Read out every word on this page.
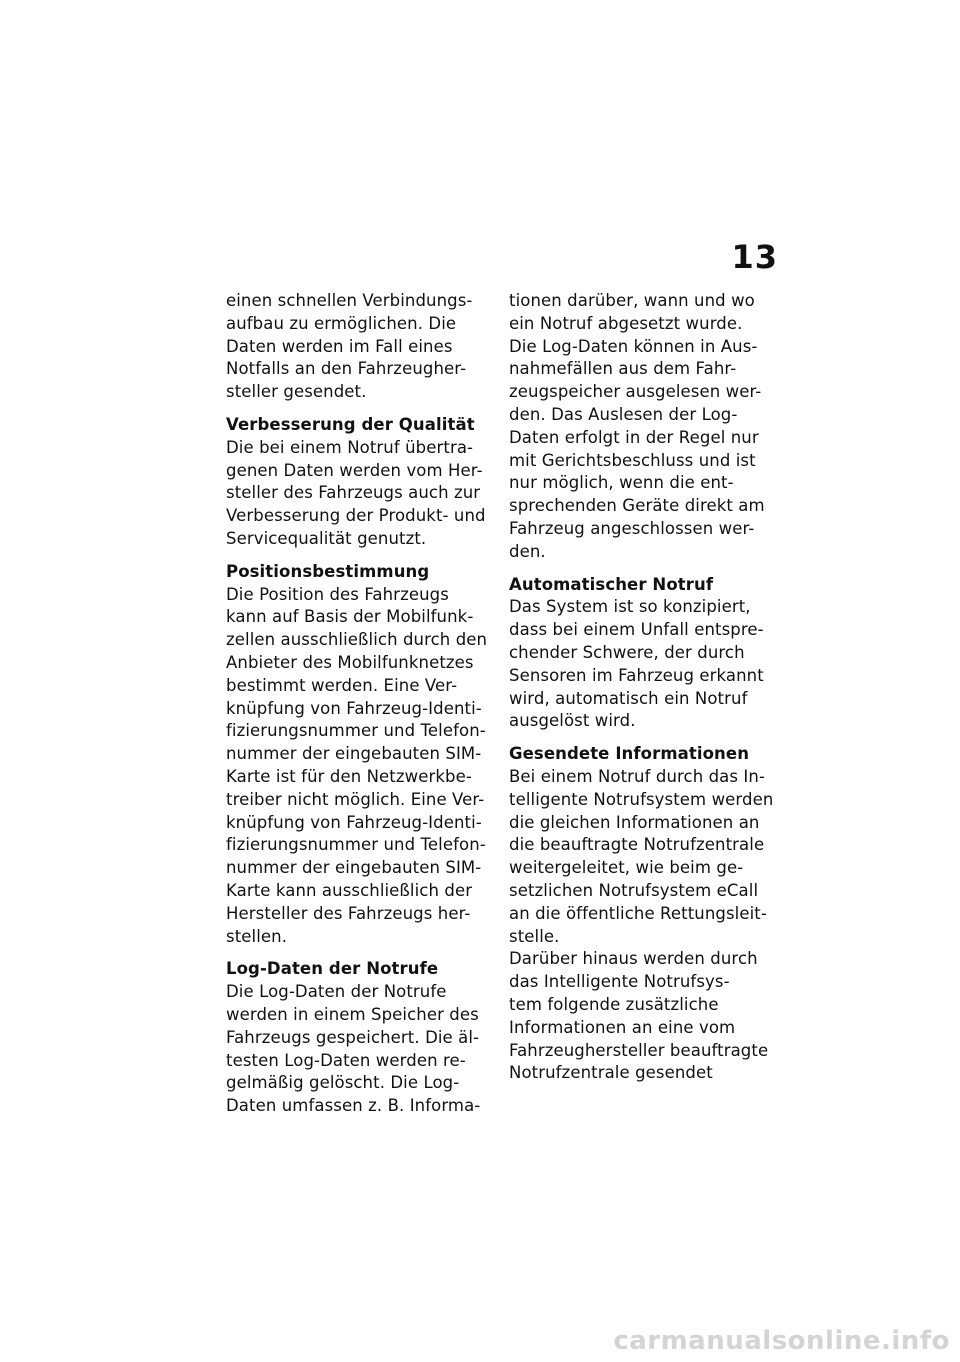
13
einen schnellen Verbindungs-
aufbau zu ermöglichen. Die
Daten werden im Fall eines
Notfalls an den Fahrzeugher-
steller gesendet.
Verbesserung der Qualität
Die bei einem Notruf übertra-
genen Daten werden vom Her-
steller des Fahrzeugs auch zur
Verbesserung der Produkt- und
Servicequalität genutzt.
Positionsbestimmung
Die Position des Fahrzeugs
kann auf Basis der Mobilfunk-
zellen ausschließlich durch den
Anbieter des Mobilfunknetzes
bestimmt werden. Eine Ver-
knüpfung von Fahrzeug-Identi-
fizierungsnummer und Telefon-
nummer der eingebauten SIM-
Karte ist für den Netzwerkbe-
treiber nicht möglich. Eine Ver-
knüpfung von Fahrzeug-Identi-
fizierungsnummer und Telefon-
nummer der eingebauten SIM-
Karte kann ausschließlich der
Hersteller des Fahrzeugs her-
stellen.
Log-Daten der Notrufe
Die Log-Daten der Notrufe
werden in einem Speicher des
Fahrzeugs gespeichert. Die äl-
testen Log-Daten werden re-
gelmäßig gelöscht. Die Log-
Daten umfassen z. B. Informa-
tionen darüber, wann und wo
ein Notruf abgesetzt wurde.
Die Log-Daten können in Aus-
nahmefällen aus dem Fahr-
zeugspeicher ausgelesen wer-
den. Das Auslesen der Log-
Daten erfolgt in der Regel nur
mit Gerichtsbeschluss und ist
nur möglich, wenn die ent-
sprechenden Geräte direkt am
Fahrzeug angeschlossen wer-
den.
Automatischer Notruf
Das System ist so konzipiert,
dass bei einem Unfall entspre-
chender Schwere, der durch
Sensoren im Fahrzeug erkannt
wird, automatisch ein Notruf
ausgelöst wird.
Gesendete Informationen
Bei einem Notruf durch das In-
telligente Notrufsystem werden
die gleichen Informationen an
die beauftragte Notrufzentrale
weitergeleitet, wie beim ge-
setzlichen Notrufsystem eCall
an die öffentliche Rettungsleit-
stelle.
Darüber hinaus werden durch
das Intelligente Notrufsys-
tem folgende zusätzliche
Informationen an eine vom
Fahrzeughersteller beauftragte
Notrufzentrale gesendet
carmanualsonline.info
